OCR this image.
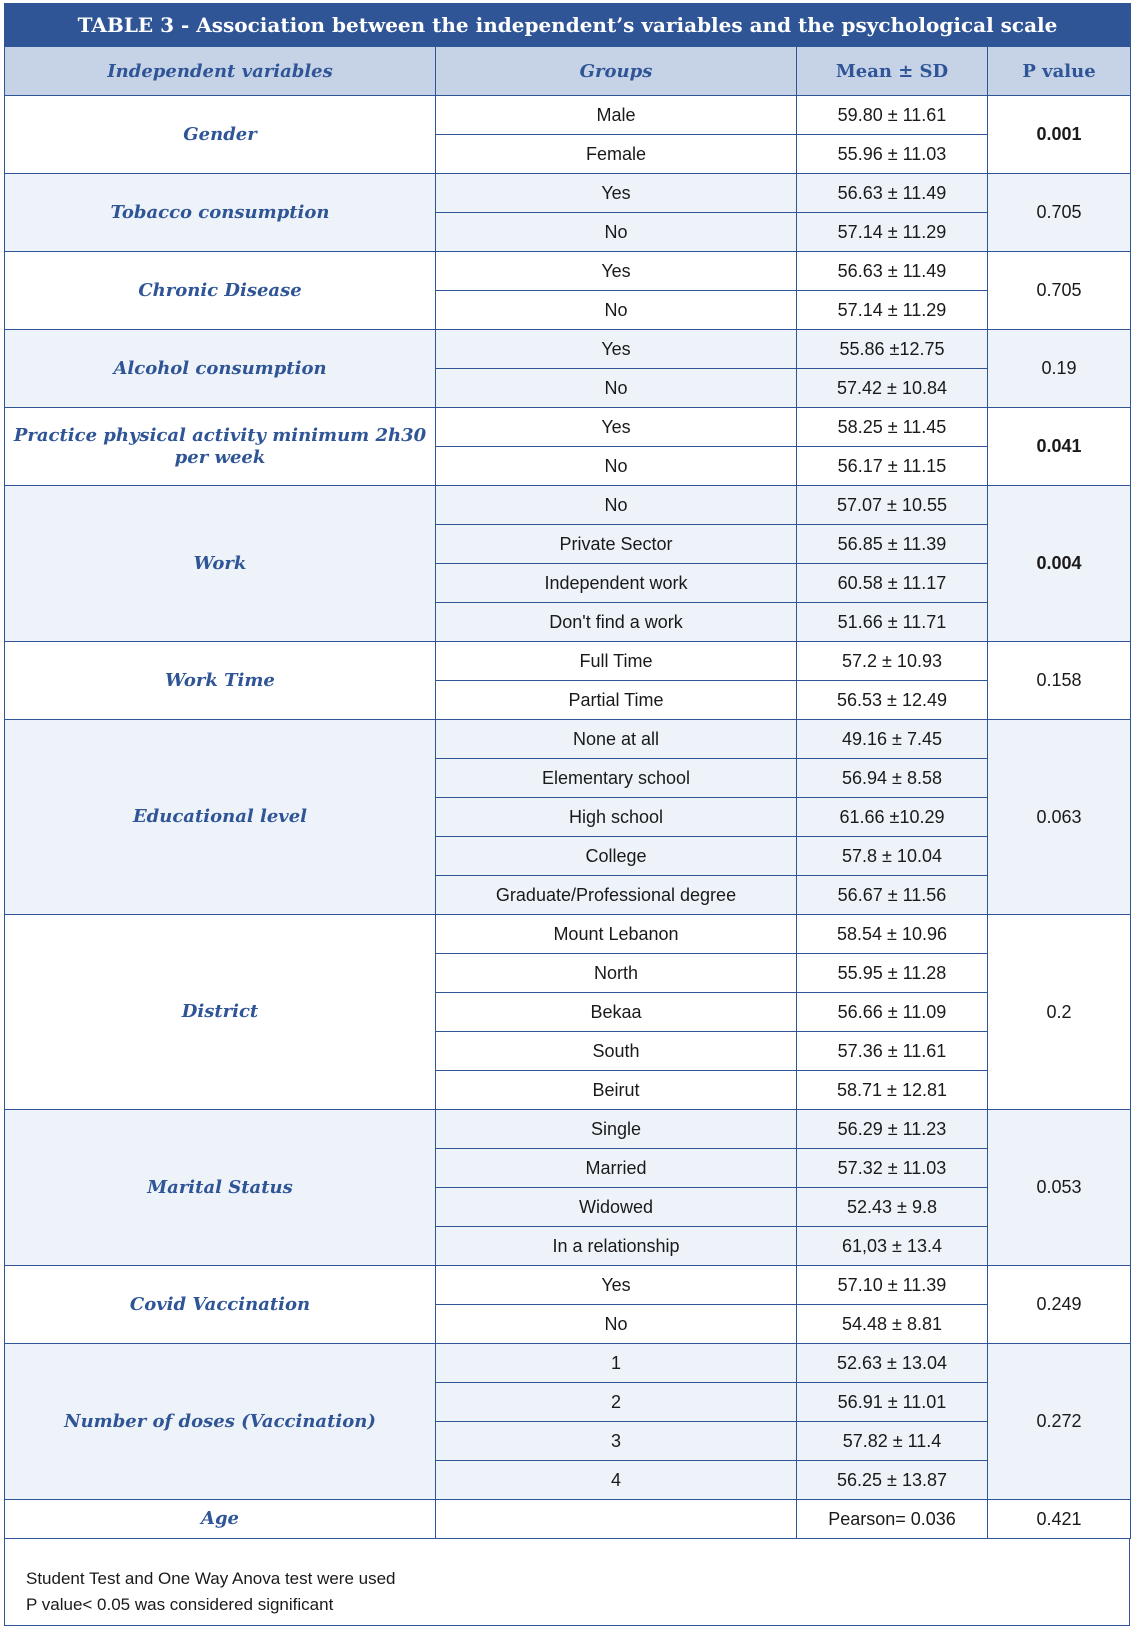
TABLE 3 - Association between the independent’s variables and the psychological scale			
Independent variables	Groups	Mean ± SD	P value
Gender	Male	59.80 ± 11.61	0.001
	Female	55.96 ± 11.03	
Tobacco consumption	Yes	56.63 ± 11.49	0.705
	No	57.14 ± 11.29	
Chronic Disease	Yes	56.63 ± 11.49	0.705
	No	57.14 ± 11.29	
Alcohol consumption	Yes	55.86 ±12.75	0.19
	No	57.42 ± 10.84	
Practice physical activity minimum 2h30 per week	Yes	58.25 ± 11.45	0.041
	No	56.17 ± 11.15	
Work	No	57.07 ± 10.55	0.004
	Private Sector	56.85 ± 11.39	
	Independent work	60.58 ± 11.17	
	Don't find a work	51.66 ± 11.71	
Work Time	Full Time	57.2 ± 10.93	0.158
	Partial Time	56.53 ± 12.49	
Educational level	None at all	49.16 ± 7.45	0.063
	Elementary school	56.94 ± 8.58	
	High school	61.66 ±10.29	
	College	57.8 ± 10.04	
	Graduate/Professional degree	56.67 ± 11.56	
District	Mount Lebanon	58.54 ± 10.96	0.2
	North	55.95 ± 11.28	
	Bekaa	56.66 ± 11.09	
	South	57.36 ± 11.61	
	Beirut	58.71 ± 12.81	
Marital Status	Single	56.29 ± 11.23	0.053
	Married	57.32 ± 11.03	
	Widowed	52.43 ± 9.8	
	In a relationship	61,03 ± 13.4	
Covid Vaccination	Yes	57.10 ± 11.39	0.249
	No	54.48 ± 8.81	
Number of doses (Vaccination)	1	52.63 ± 13.04	0.272
	2	56.91 ± 11.01	
	3	57.82 ± 11.4	
	4	56.25 ± 13.87	
Age		Pearson= 0.036	0.421

Student Test and One Way Anova test were used

P value< 0.05 was considered significant
